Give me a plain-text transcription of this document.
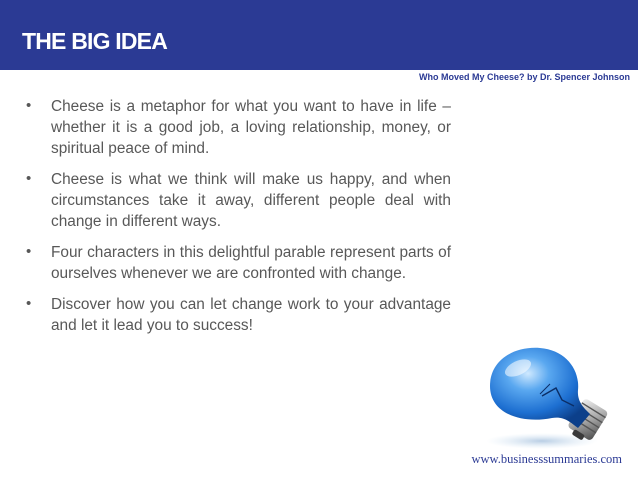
THE BIG IDEA
Who Moved My Cheese? by Dr. Spencer Johnson
• Cheese is a metaphor for what you want to have in life – whether it is a good job, a loving relationship, money, or spiritual peace of mind.
• Cheese is what we think will make us happy, and when circumstances take it away, different people deal with change in different ways.
• Four characters in this delightful parable represent parts of ourselves whenever we are confronted with change.
• Discover how you can let change work to your advantage and let it lead you to success!
www.businesssummaries.com
